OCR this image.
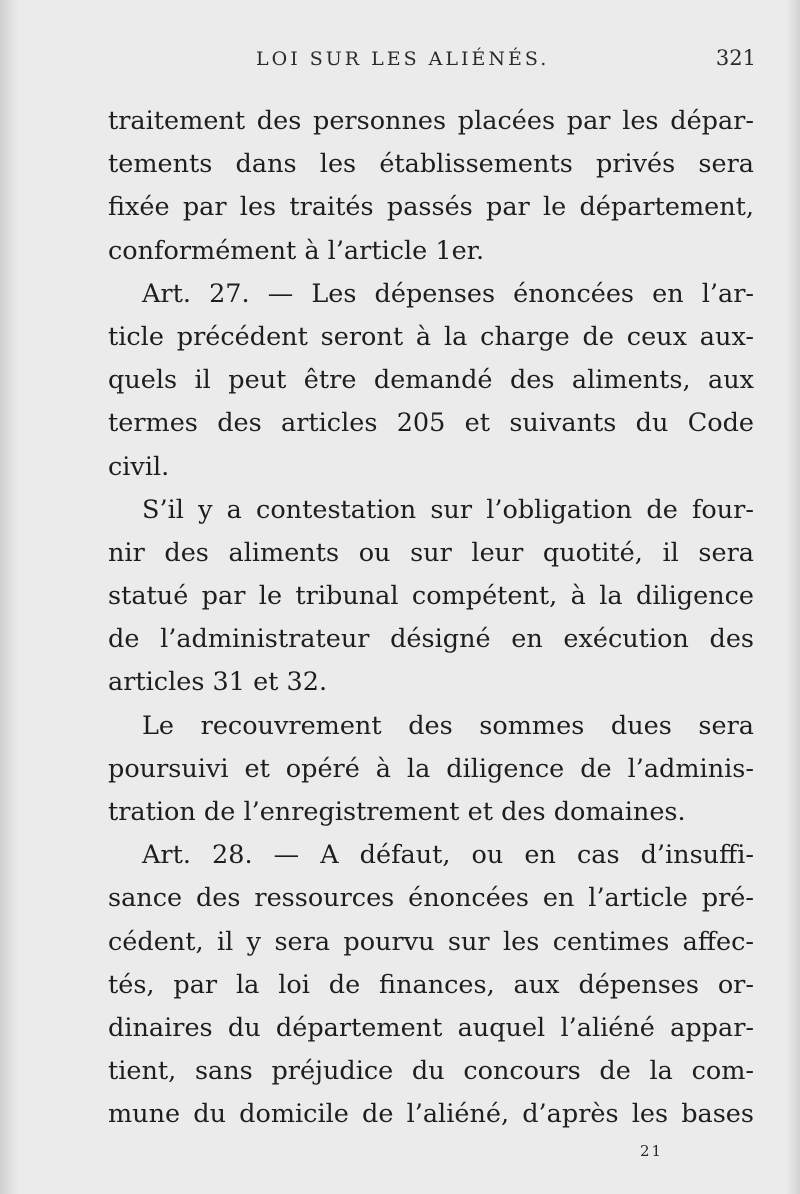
LOI SUR LES ALIÉNÉS.	321
traitement des personnes placées par les dépar-
tements dans les établissements privés sera
fixée par les traités passés par le département,
conformément à l’article 1er.
Art. 27. — Les dépenses énoncées en l’ar-
ticle précédent seront à la charge de ceux aux-
quels il peut être demandé des aliments, aux
termes des articles 205 et suivants du Code
civil.
S’il y a contestation sur l’obligation de four-
nir des aliments ou sur leur quotité, il sera
statué par le tribunal compétent, à la diligence
de l’administrateur désigné en exécution des
articles 31 et 32.
Le recouvrement des sommes dues sera
poursuivi et opéré à la diligence de l’adminis-
tration de l’enregistrement et des domaines.
Art. 28. — A défaut, ou en cas d’insuffi-
sance des ressources énoncées en l’article pré-
cédent, il y sera pourvu sur les centimes affec-
tés, par la loi de finances, aux dépenses or-
dinaires du département auquel l’aliéné appar-
tient, sans préjudice du concours de la com-
mune du domicile de l’aliéné, d’après les bases
21
